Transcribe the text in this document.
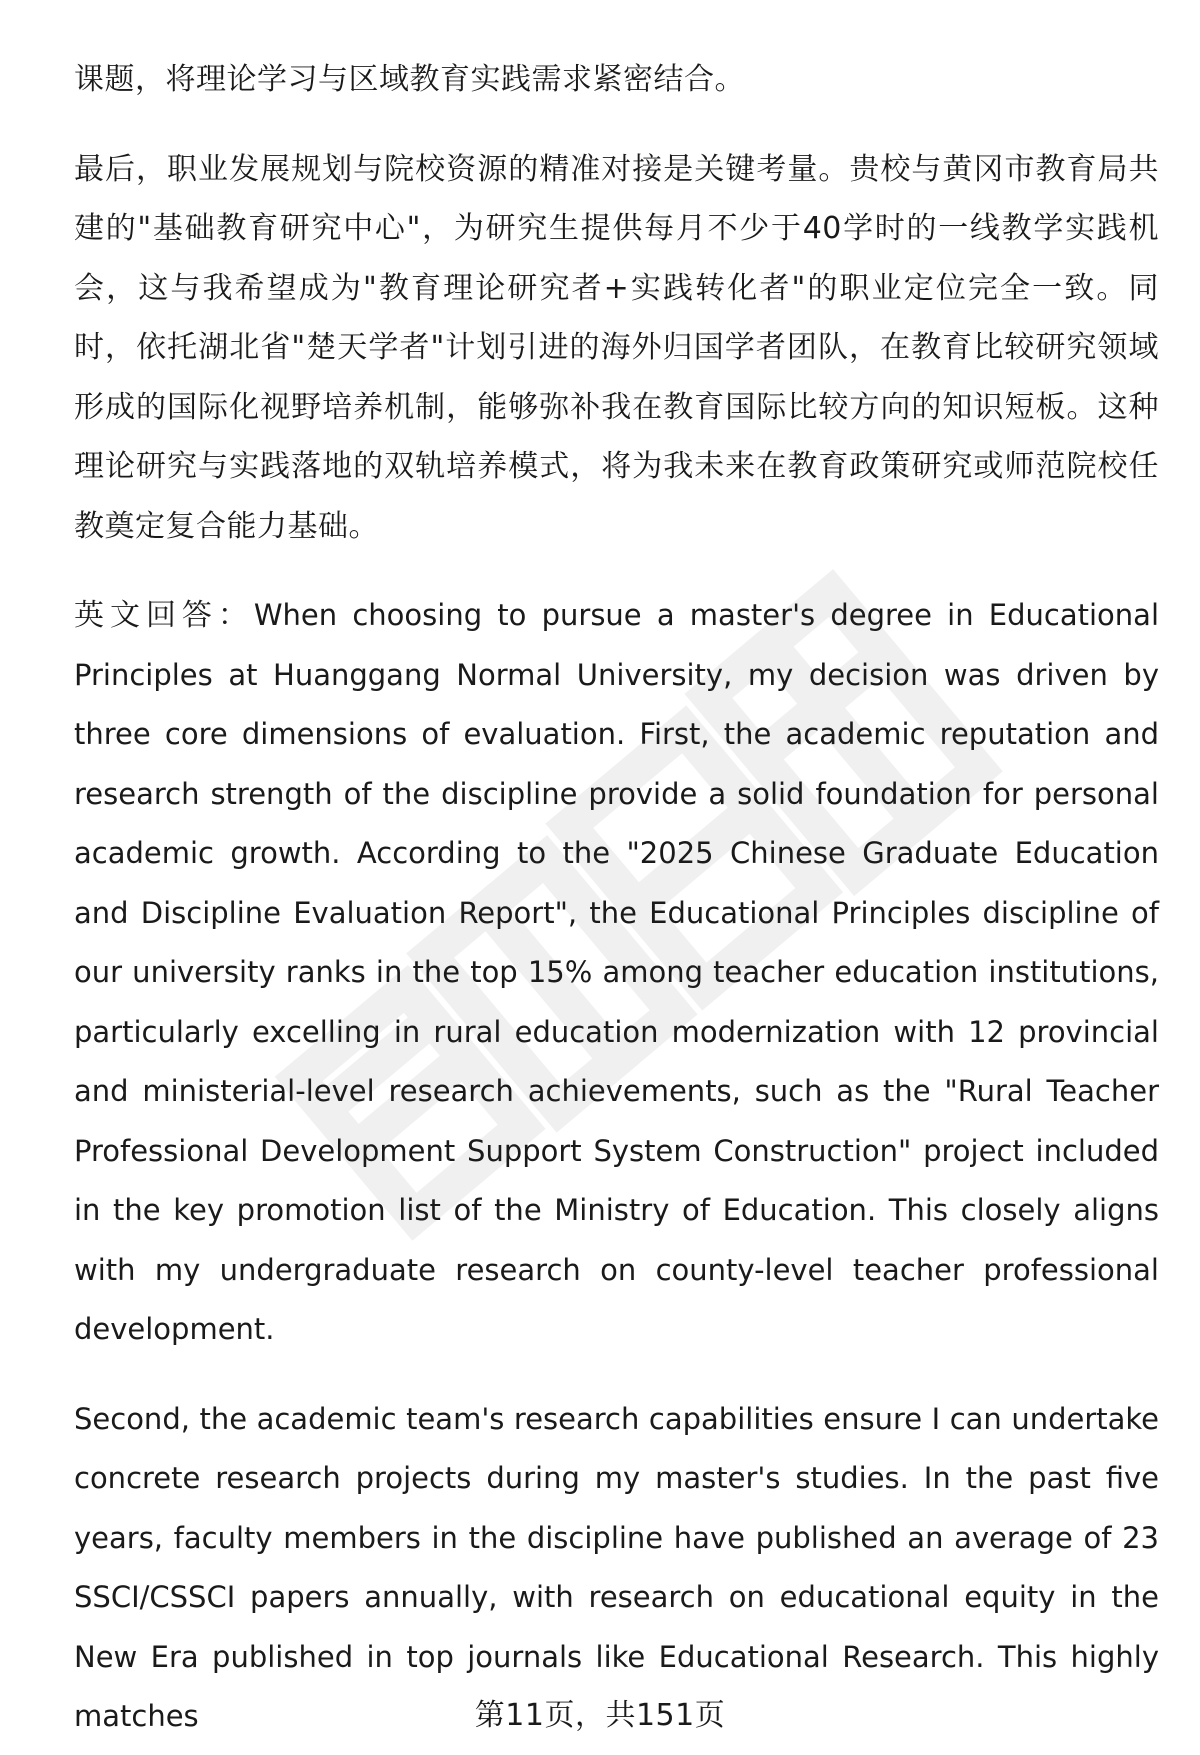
课题，将理论学习与区域教育实践需求紧密结合。

最后，职业发展规划与院校资源的精准对接是关键考量。贵校与黄冈市教育局共建的"基础教育研究中心"，为研究生提供每月不少于40学时的一线教学实践机会，这与我希望成为"教育理论研究者+实践转化者"的职业定位完全一致。同时，依托湖北省"楚天学者"计划引进的海外归国学者团队，在教育比较研究领域形成的国际化视野培养机制，能够弥补我在教育国际比较方向的知识短板。这种理论研究与实践落地的双轨培养模式，将为我未来在教育政策研究或师范院校任教奠定复合能力基础。

英文回答：When choosing to pursue a master's degree in Educational Principles at Huanggang Normal University, my decision was driven by three core dimensions of evaluation. First, the academic reputation and research strength of the discipline provide a solid foundation for personal academic growth. According to the "2025 Chinese Graduate Education and Discipline Evaluation Report", the Educational Principles discipline of our university ranks in the top 15% among teacher education institutions, particularly excelling in rural education modernization with 12 provincial and ministerial-level research achievements, such as the "Rural Teacher Professional Development Support System Construction" project included in the key promotion list of the Ministry of Education. This closely aligns with my undergraduate research on county-level teacher professional development.

Second, the academic team's research capabilities ensure I can undertake concrete research projects during my master's studies. In the past five years, faculty members in the discipline have published an average of 23 SSCI/CSSCI papers annually, with research on educational equity in the New Era published in top journals like Educational Research. This highly matches	第11页，共151页
